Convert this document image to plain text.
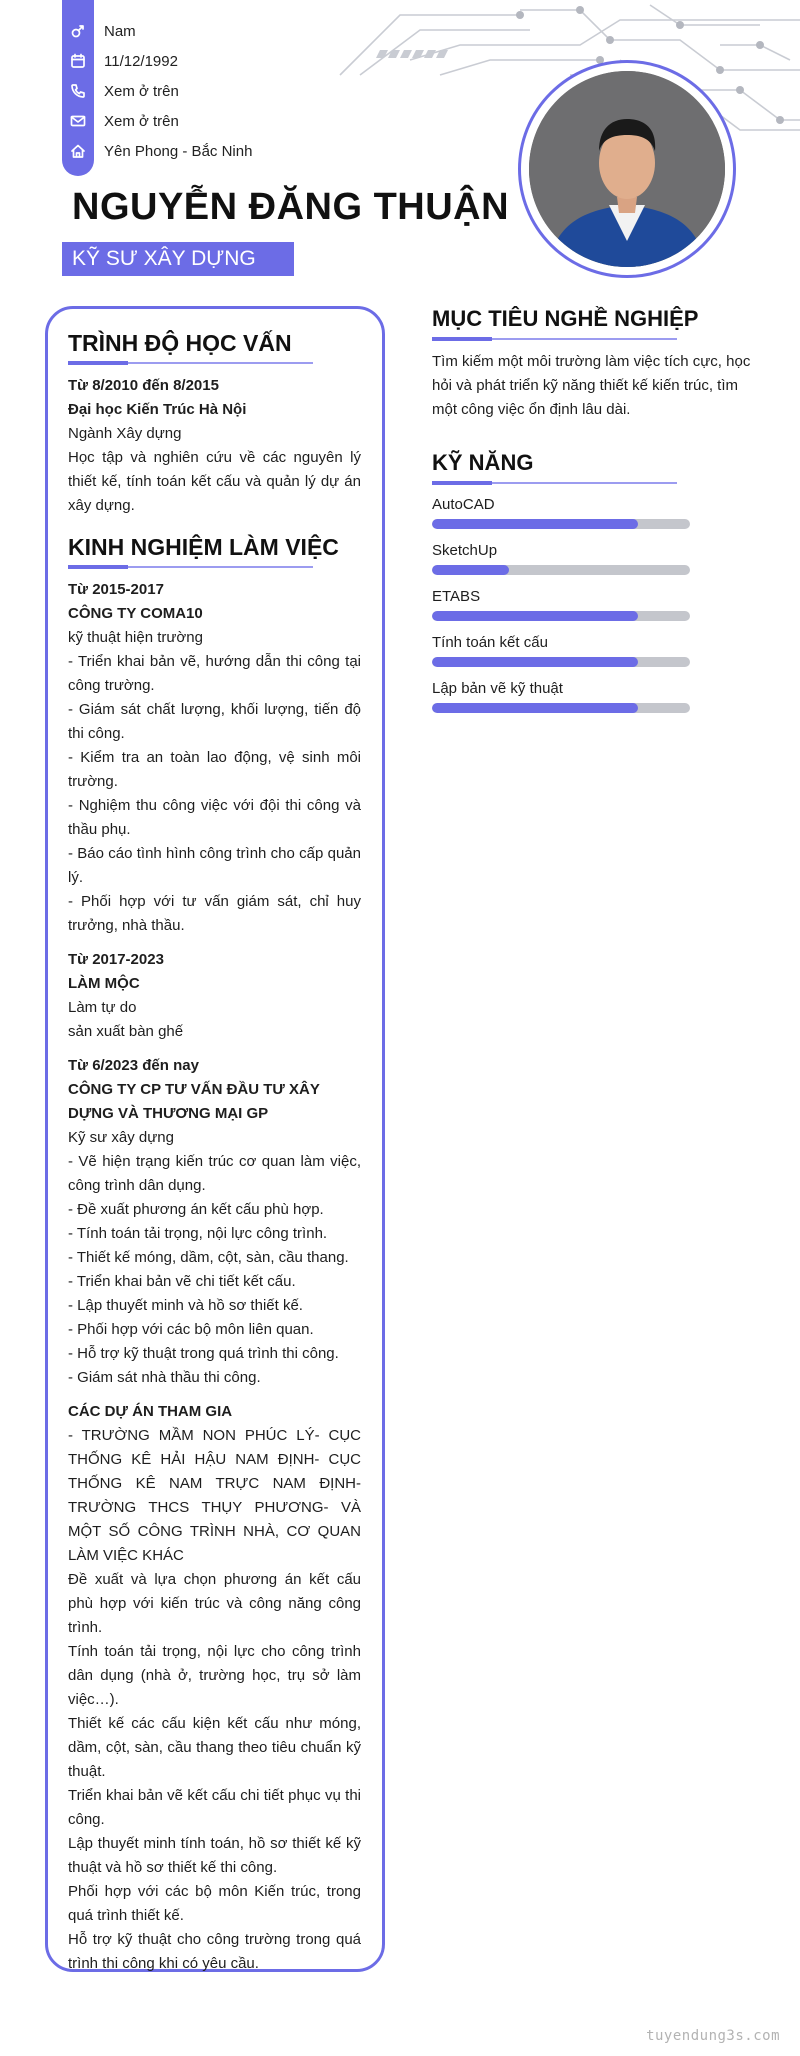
Nam
11/12/1992
Xem ở trên
Xem ở trên
Yên Phong - Bắc Ninh
NGUYỄN ĐĂNG THUẬN
KỸ SƯ XÂY DỰNG
TRÌNH ĐỘ HỌC VẤN
Từ 8/2010 đến 8/2015
Đại học Kiến Trúc Hà Nội
Ngành Xây dựng
Học tập và nghiên cứu về các nguyên lý thiết kế, tính toán kết cấu và quản lý dự án xây dựng.
KINH NGHIỆM LÀM VIỆC
Từ 2015-2017
CÔNG TY COMA10
kỹ thuật hiện trường
- Triển khai bản vẽ, hướng dẫn thi công tại công trường.
- Giám sát chất lượng, khối lượng, tiến độ thi công.
- Kiểm tra an toàn lao động, vệ sinh môi trường.
- Nghiệm thu công việc với đội thi công và thầu phụ.
- Báo cáo tình hình công trình cho cấp quản lý.
- Phối hợp với tư vấn giám sát, chỉ huy trưởng, nhà thầu.
Từ 2017-2023
LÀM MỘC
Làm tự do
sản xuất bàn ghế
Từ 6/2023 đến nay
CÔNG TY CP TƯ VẤN ĐẦU TƯ XÂY DỰNG VÀ THƯƠNG MẠI GP
Kỹ sư xây dựng
- Vẽ hiện trạng kiến trúc cơ quan làm việc, công trình dân dụng.
- Đề xuất phương án kết cấu phù hợp.
- Tính toán tải trọng, nội lực công trình.
- Thiết kế móng, dầm, cột, sàn, cầu thang.
- Triển khai bản vẽ chi tiết kết cấu.
- Lập thuyết minh và hồ sơ thiết kế.
- Phối hợp với các bộ môn liên quan.
- Hỗ trợ kỹ thuật trong quá trình thi công.
- Giám sát nhà thầu thi công.
CÁC DỰ ÁN THAM GIA
- TRƯỜNG MẦM NON PHÚC LÝ- CỤC THỐNG KÊ HẢI HẬU NAM ĐỊNH- CỤC THỐNG KÊ NAM TRỰC NAM ĐỊNH- TRƯỜNG THCS THỤY PHƯƠNG- VÀ MỘT SỐ CÔNG TRÌNH NHÀ, CƠ QUAN LÀM VIỆC KHÁC
Đề xuất và lựa chọn phương án kết cấu phù hợp với kiến trúc và công năng công trình.
Tính toán tải trọng, nội lực cho công trình dân dụng (nhà ở, trường học, trụ sở làm việc…).
Thiết kế các cấu kiện kết cấu như móng, dầm, cột, sàn, cầu thang theo tiêu chuẩn kỹ thuật.
Triển khai bản vẽ kết cấu chi tiết phục vụ thi công.
Lập thuyết minh tính toán, hồ sơ thiết kế kỹ thuật và hồ sơ thiết kế thi công.
Phối hợp với các bộ môn Kiến trúc, trong quá trình thiết kế.
Hỗ trợ kỹ thuật cho công trường trong quá trình thi công khi có yêu cầu.
MỤC TIÊU NGHỀ NGHIỆP
Tìm kiếm một môi trường làm việc tích cực, học hỏi và phát triển kỹ năng thiết kế kiến trúc, tìm một công việc ổn định lâu dài.
KỸ NĂNG
AutoCAD
SketchUp
ETABS
Tính toán kết cấu
Lập bản vẽ kỹ thuật
tuyendung3s.com
